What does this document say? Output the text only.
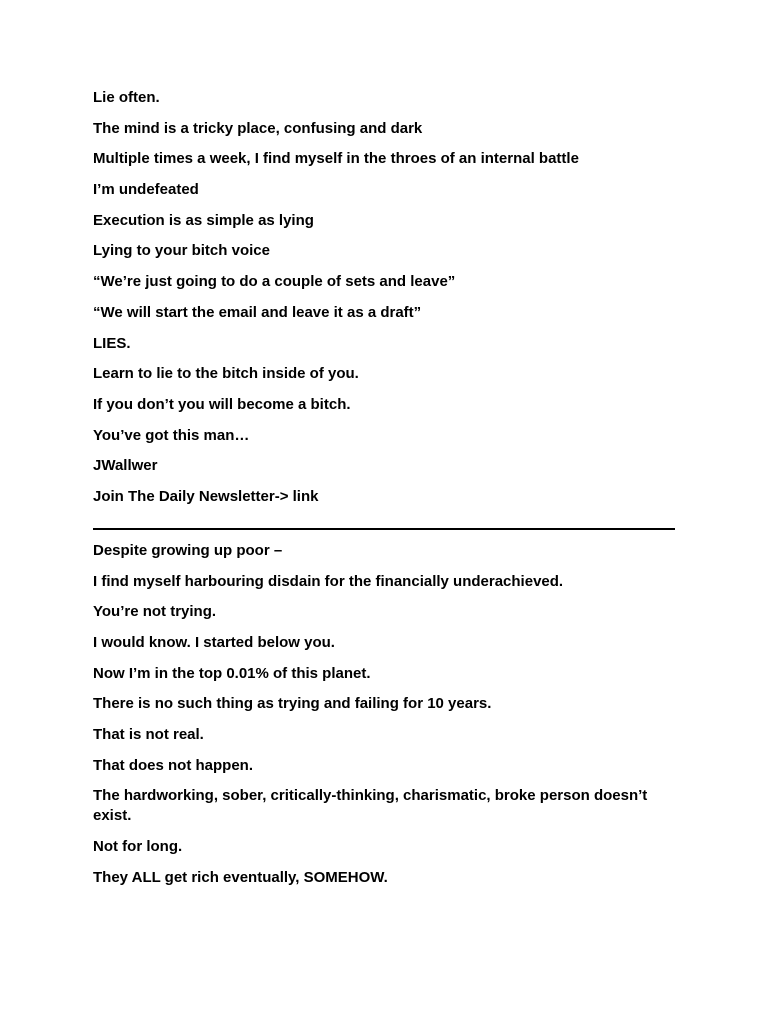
Lie often.

The mind is a tricky place, confusing and dark

Multiple times a week, I find myself in the throes of an internal battle

I’m undefeated

Execution is as simple as lying

Lying to your bitch voice

“We’re just going to do a couple of sets and leave”

“We will start the email and leave it as a draft”

LIES.

Learn to lie to the bitch inside of you.

If you don’t you will become a bitch.

You’ve got this man…

JWallwer

Join The Daily Newsletter-> link

Despite growing up poor –

I find myself harbouring disdain for the financially underachieved.

You’re not trying.

I would know. I started below you.

Now I’m in the top 0.01% of this planet.

There is no such thing as trying and failing for 10 years.

That is not real.

That does not happen.

The hardworking, sober, critically-thinking, charismatic, broke person doesn’t exist.

Not for long.

They ALL get rich eventually, SOMEHOW.
